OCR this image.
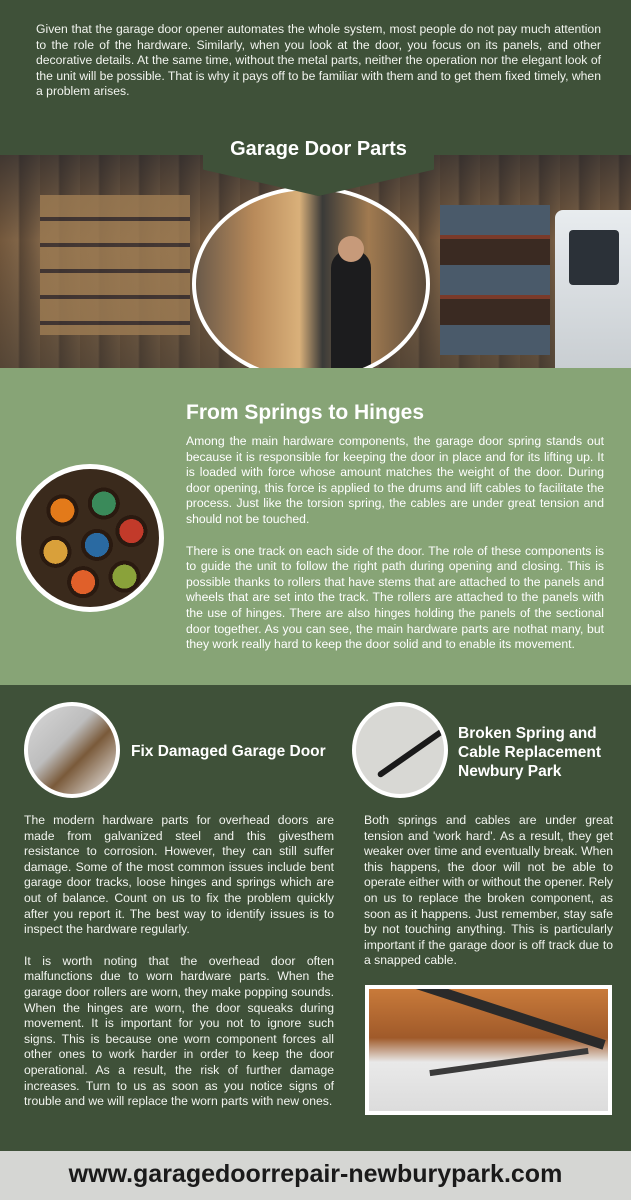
Given that the garage door opener automates the whole system, most people do not pay much attention to the role of the hardware. Similarly, when you look at the door, you focus on its panels, and other decorative details. At the same time, without the metal parts, neither the operation nor the elegant look of the unit will be possible. That is why it pays off to be familiar with them and to get them fixed timely, when a problem arises.

Garage Door Parts
From Springs to Hinges

Among the main hardware components, the garage door spring stands out because it is responsible for keeping the door in place and for its lifting up. It is loaded with force whose amount matches the weight of the door. During door opening, this force is applied to the drums and lift cables to facilitate the process. Just like the torsion spring, the cables are under great tension and should not be touched.

There is one track on each side of the door. The role of these components is to guide the unit to follow the right path during opening and closing. This is possible thanks to rollers that have stems that are attached to the panels and wheels that are set into the track. The rollers are attached to the panels with the use of hinges. There are also hinges holding the panels of the sectional door together. As you can see, the main hardware parts are nothat many, but they work really hard to keep the door solid and to enable its movement.

Fix Damaged Garage Door
Broken Spring and
Cable Replacement
Newbury Park

The modern hardware parts for overhead doors are made from galvanized steel and this givesthem resistance to corrosion. However, they can still suffer damage. Some of the most common issues include bent garage door tracks, loose hinges and springs which are out of balance. Count on us to fix the problem quickly after you report it. The best way to identify issues is to inspect the hardware regularly.

It is worth noting that the overhead door often malfunctions due to worn hardware parts. When the garage door rollers are worn, they make popping sounds. When the hinges are worn, the door squeaks during movement. It is important for you not to ignore such signs. This is because one worn component forces all other ones to work harder in order to keep the door operational. As a result, the risk of further damage increases. Turn to us as soon as you notice signs of trouble and we will replace the worn parts with new ones.

Both springs and cables are under great tension and 'work hard'. As a result, they get weaker over time and eventually break. When this happens, the door will not be able to operate either with or without the opener. Rely on us to replace the broken component, as soon as it happens. Just remember, stay safe by not touching anything. This is particularly important if the garage door is off track due to a snapped cable.

www.garagedoorrepair-newburypark.com
